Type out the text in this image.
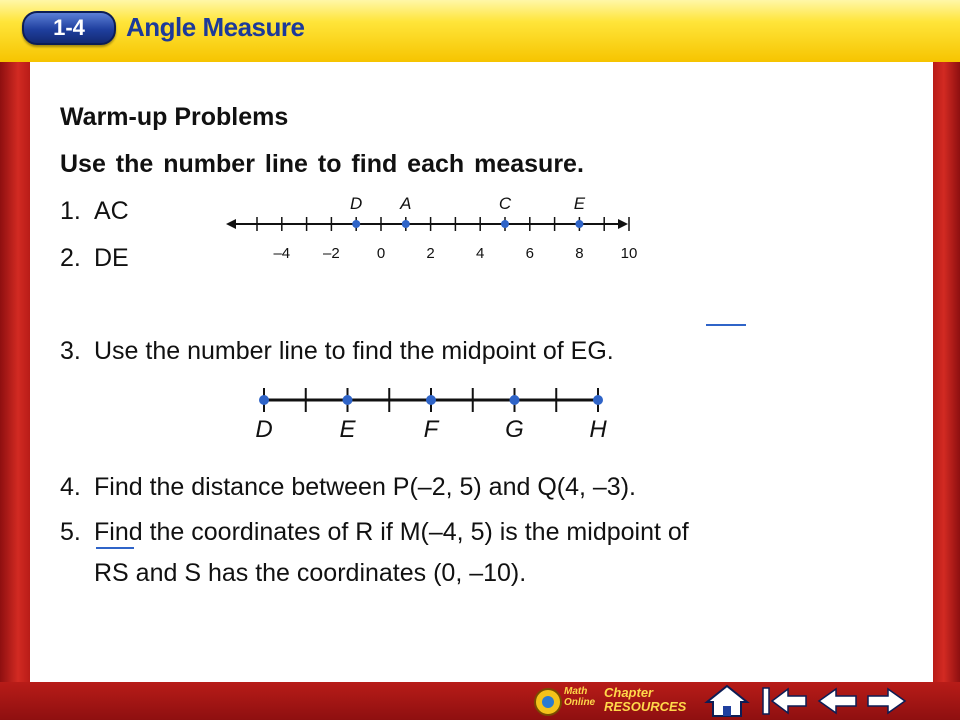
1-4	Angle Measure
Warm-up Problems
Use the number line to find each measure.
1. AC
2. DE
3. Use the number line to find the midpoint of EG.
4. Find the distance between P(–2, 5) and Q(4, –3).
5. Find the coordinates of R if M(–4, 5) is the midpoint of
RS and S has the coordinates (0, –10).
–4 –2 0	2	4	6	8 10
D A	C	E
D	E	F	G	H
Math Online
Chapter RESOURCES
